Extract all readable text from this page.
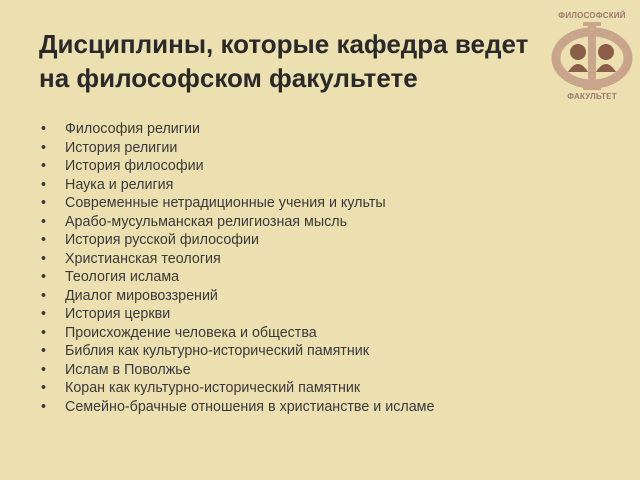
Дисциплины, которые кафедра ведет
на философском факультете
ФИЛОСОФСКИЙ
ФАКУЛЬТЕТ
• Философия религии
• История религии
• История философии
• Наука и религия
• Современные нетрадиционные учения и культы
• Арабо-мусульманская религиозная мысль
• История русской философии
• Христианская теология
• Теология ислама
• Диалог мировоззрений
• История церкви
• Происхождение человека и общества
• Библия как культурно-исторический памятник
• Ислам в Поволжье
• Коран как культурно-исторический памятник
• Семейно-брачные отношения в христианстве и исламе
